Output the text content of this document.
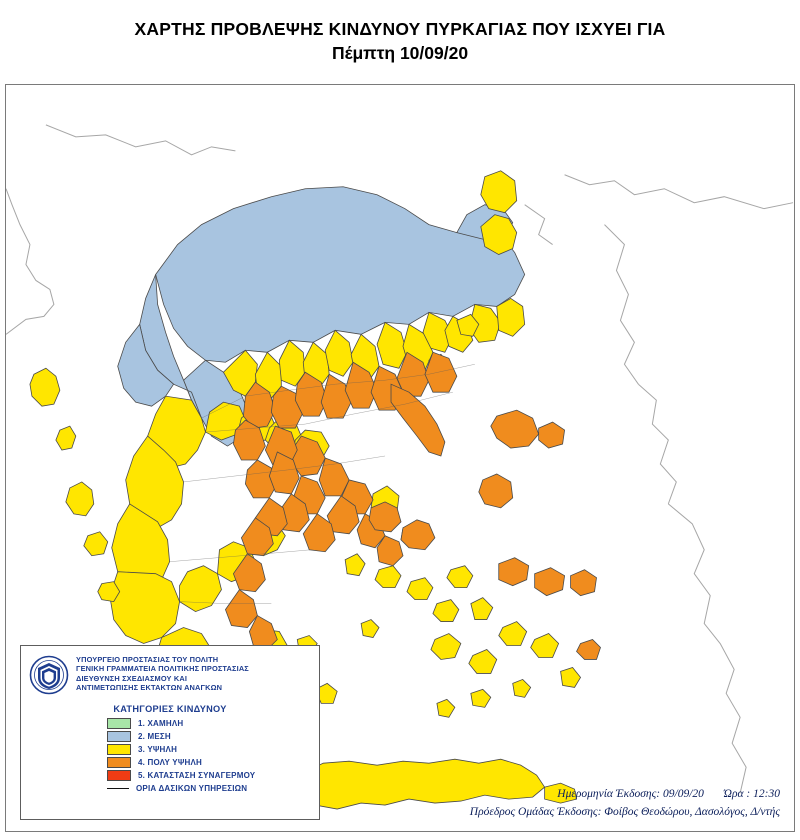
ΧΑΡΤΗΣ ΠΡΟΒΛΕΨΗΣ ΚΙΝΔΥΝΟΥ ΠΥΡΚΑΓΙΑΣ ΠΟΥ ΙΣΧΥΕΙ ΓΙΑ
Πέμπτη 10/09/20
ΥΠΟΥΡΓΕΙΟ ΠΡΟΣΤΑΣΙΑΣ ΤΟΥ ΠΟΛΙΤΗ
ΓΕΝΙΚΗ ΓΡΑΜΜΑΤΕΙΑ ΠΟΛΙΤΙΚΗΣ ΠΡΟΣΤΑΣΙΑΣ
ΔΙΕΥΘΥΝΣΗ ΣΧΕΔΙΑΣΜΟΥ ΚΑΙ
ΑΝΤΙΜΕΤΩΠΙΣΗΣ ΕΚΤΑΚΤΩΝ ΑΝΑΓΚΩΝ
ΚΑΤΗΓΟΡΙΕΣ ΚΙΝΔΥΝΟΥ
1. ΧΑΜΗΛΗ
2. ΜΕΣΗ
3. ΥΨΗΛΗ
4. ΠΟΛΥ ΥΨΗΛΗ
5. ΚΑΤΑΣΤΑΣΗ ΣΥΝΑΓΕΡΜΟΥ
ΟΡΙΑ ΔΑΣΙΚΩΝ ΥΠΗΡΕΣΙΩΝ	Ημερομηνία Έκδοσης: 09/09/20 Ώρα : 12:30
Πρόεδρος Ομάδας Έκδοσης: Φοίβος Θεοδώρου, Δασολόγος, Δ/ντής
